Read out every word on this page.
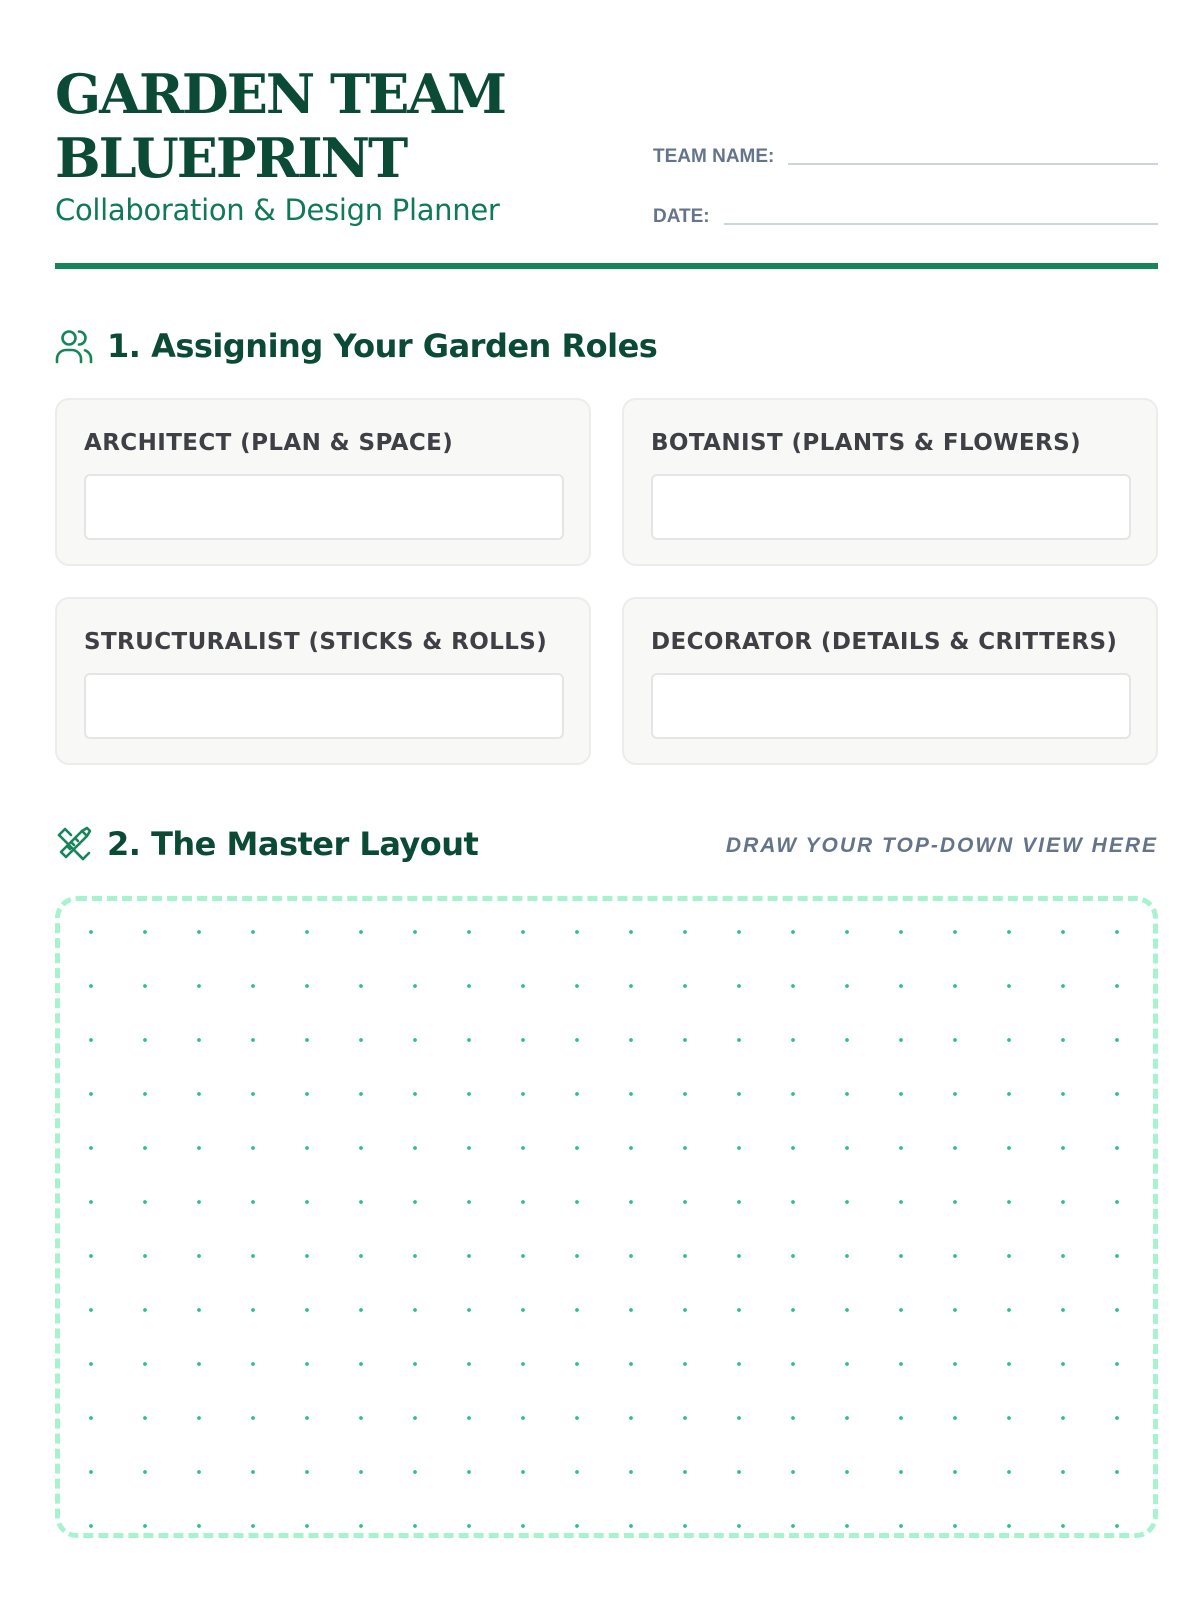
GARDEN TEAM
BLUEPRINT
Collaboration & Design Planner
TEAM NAME:
DATE:
1. Assigning Your Garden Roles
ARCHITECT (PLAN & SPACE)	BOTANIST (PLANTS & FLOWERS)
STRUCTURALIST (STICKS & ROLLS)	DECORATOR (DETAILS & CRITTERS)
2. The Master Layout	DRAW YOUR TOP-DOWN VIEW HERE
